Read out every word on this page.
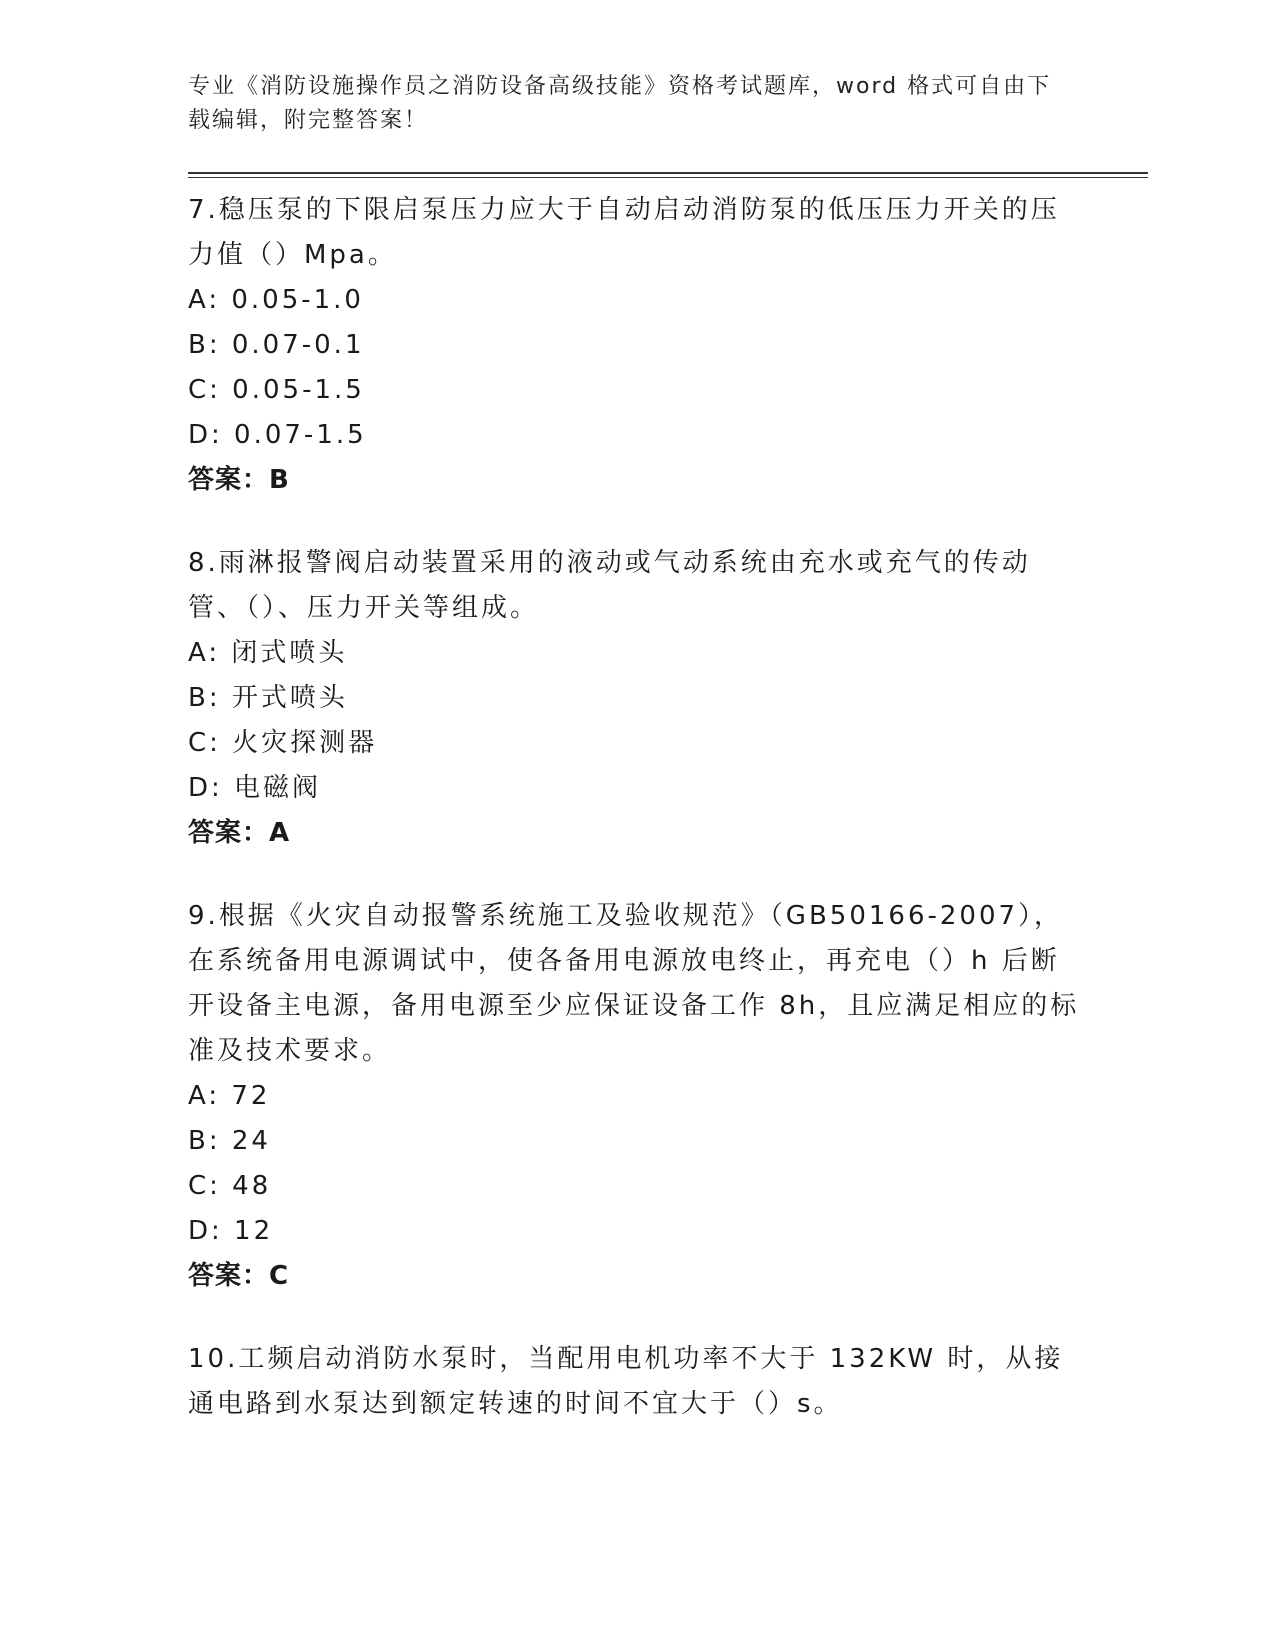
专业《消防设施操作员之消防设备高级技能》资格考试题库，word 格式可自由下载编辑，附完整答案！

7.稳压泵的下限启泵压力应大于自动启动消防泵的低压压力开关的压力值（）Mpa。

A: 0.05-1.0
B: 0.07-0.1
C: 0.05-1.5
D: 0.07-1.5
答案：B

8.雨淋报警阀启动装置采用的液动或气动系统由充水或充气的传动管、（）、压力开关等组成。

A: 闭式喷头
B: 开式喷头
C: 火灾探测器
D: 电磁阀
答案：A

9.根据《火灾自动报警系统施工及验收规范》（GB50166-2007），在系统备用电源调试中，使各备用电源放电终止，再充电（）h 后断开设备主电源，备用电源至少应保证设备工作 8h，且应满足相应的标准及技术要求。

A: 72
B: 24
C: 48
D: 12
答案：C

10.工频启动消防水泵时，当配用电机功率不大于 132KW 时，从接通电路到水泵达到额定转速的时间不宜大于（）s。
